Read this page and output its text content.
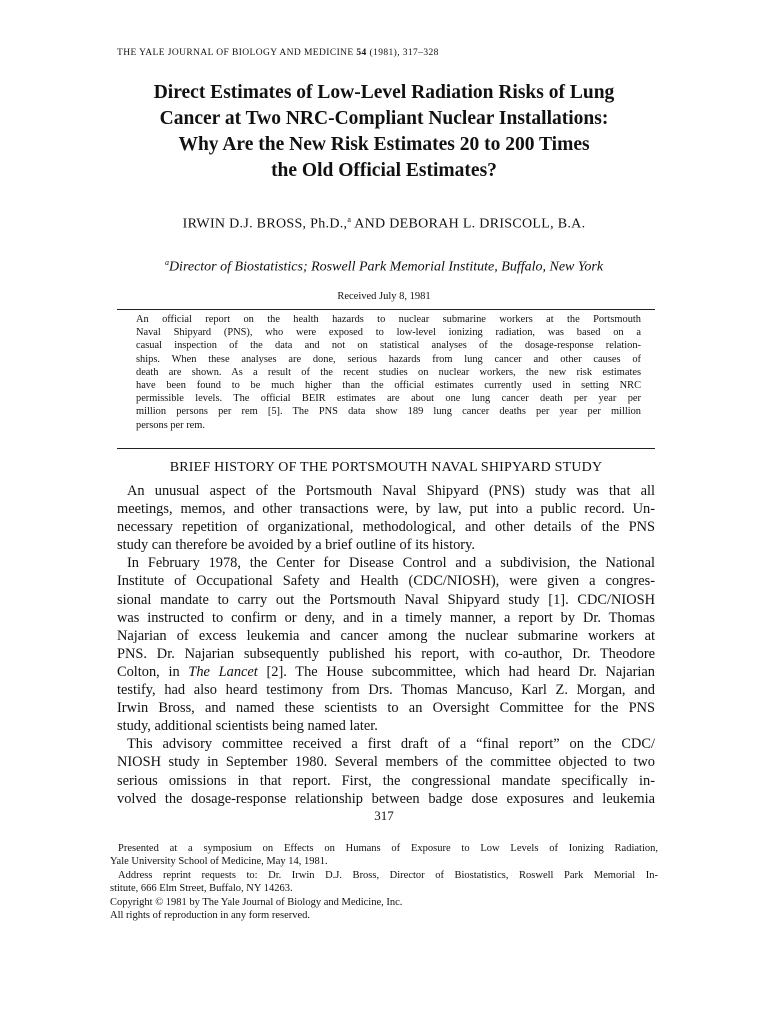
THE YALE JOURNAL OF BIOLOGY AND MEDICINE 54 (1981), 317–328
Direct Estimates of Low-Level Radiation Risks of Lung
Cancer at Two NRC-Compliant Nuclear Installations:
Why Are the New Risk Estimates 20 to 200 Times
the Old Official Estimates?
IRWIN D.J. BROSS, Ph.D.,$^a$ AND DEBORAH L. DRISCOLL, B.A.
$^a$Director of Biostatistics; Roswell Park Memorial Institute, Buffalo, New York
Received July 8, 1981

An official report on the health hazards to nuclear submarine workers at the Portsmouth
Naval Shipyard (PNS), who were exposed to low-level ionizing radiation, was based on a
casual inspection of the data and not on statistical analyses of the dosage-response relation-
ships. When these analyses are done, serious hazards from lung cancer and other causes of
death are shown. As a result of the recent studies on nuclear workers, the new risk estimates
have been found to be much higher than the official estimates currently used in setting NRC
permissible levels. The official BEIR estimates are about one lung cancer death per year per
million persons per rem [5]. The PNS data show 189 lung cancer deaths per year per million
persons per rem.

BRIEF HISTORY OF THE PORTSMOUTH NAVAL SHIPYARD STUDY

An unusual aspect of the Portsmouth Naval Shipyard (PNS) study was that all
meetings, memos, and other transactions were, by law, put into a public record. Un-
necessary repetition of organizational, methodological, and other details of the PNS
study can therefore be avoided by a brief outline of its history.
In February 1978, the Center for Disease Control and a subdivision, the National
Institute of Occupational Safety and Health (CDC/NIOSH), were given a congres-
sional mandate to carry out the Portsmouth Naval Shipyard study [1]. CDC/NIOSH
was instructed to confirm or deny, and in a timely manner, a report by Dr. Thomas
Najarian of excess leukemia and cancer among the nuclear submarine workers at
PNS. Dr. Najarian subsequently published his report, with co-author, Dr. Theodore
Colton, in The Lancet [2]. The House subcommittee, which had heard Dr. Najarian
testify, had also heard testimony from Drs. Thomas Mancuso, Karl Z. Morgan, and
Irwin Bross, and named these scientists to an Oversight Committee for the PNS
study, additional scientists being named later.
This advisory committee received a first draft of a “final report” on the CDC/
NIOSH study in September 1980. Several members of the committee objected to two
serious omissions in that report. First, the congressional mandate specifically in-
volved the dosage-response relationship between badge dose exposures and leukemia

317

Presented at a symposium on Effects on Humans of Exposure to Low Levels of Ionizing Radiation,
Yale University School of Medicine, May 14, 1981.
Address reprint requests to: Dr. Irwin D.J. Bross, Director of Biostatistics, Roswell Park Memorial In-
stitute, 666 Elm Street, Buffalo, NY 14263.
Copyright © 1981 by The Yale Journal of Biology and Medicine, Inc.
All rights of reproduction in any form reserved.
